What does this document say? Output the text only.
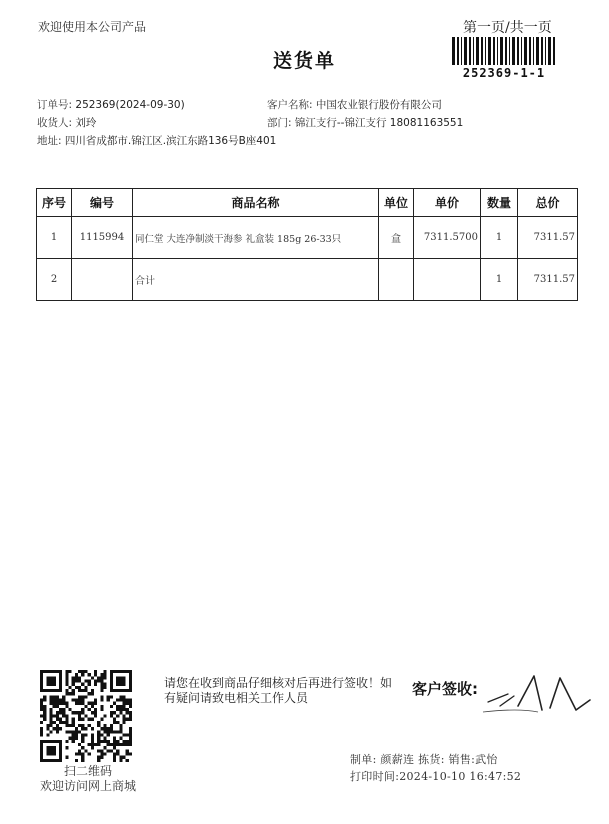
欢迎使用本公司产品	第一页/共一页
送货单
252369-1-1
订单号: 252369(2024-09-30)	客户名称: 中国农业银行股份有限公司
收货人: 刘玲	部门: 锦江支行--锦江支行 18081163551
地址: 四川省成都市.锦江区.滨江东路136号B座401
序号	编号	商品名称	单位	单价	数量	总价
1	1115994	同仁堂 大连净制淡干海参 礼盒装 185g 26-33只	盒	7311.5700	1	7311.57
2		合计			1	7311.57
扫二维码
欢迎访问网上商城
请您在收到商品仔细核对后再进行签收！如有疑问请致电相关工作人员	客户签收:
制单: 颜薪连 拣货: 销售:武怡
打印时间:2024-10-10 16:47:52
